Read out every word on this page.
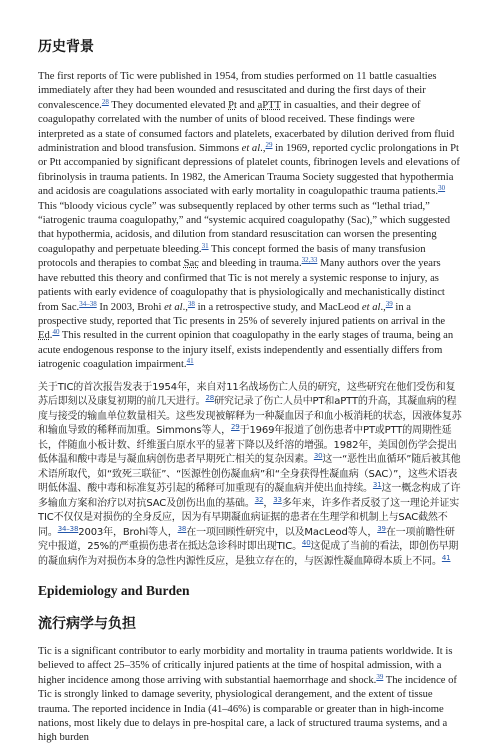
历史背景

The first reports of Tic were published in 1954, from studies performed on 11 battle casualties immediately after they had been wounded and resuscitated and during the first days of their convalescence.$^{28}$ They documented elevated Pt and aPTT in casualties, and their degree of coagulopathy correlated with the number of units of blood received. These findings were interpreted as a state of consumed factors and platelets, exacerbated by dilution derived from fluid administration and blood transfusion. Simmons et al.,$^{29}$ in 1969, reported cyclic prolongations in Pt or Ptt accompanied by significant depressions of platelet counts, fibrinogen levels and elevations of fibrinolysis in trauma patients. In 1982, the American Trauma Society suggested that hypothermia and acidosis are coagulations associated with early mortality in coagulopathic trauma patients.$^{30}$ This “bloody vicious cycle” was subsequently replaced by other terms such as “lethal triad,” “iatrogenic trauma coagulopathy,” and “systemic acquired coagulopathy (Sac),” which suggested that hypothermia, acidosis, and dilution from standard resuscitation can worsen the presenting coagulopathy and perpetuate bleeding.$^{31}$ This concept formed the basis of many transfusion protocols and therapies to combat Sac and bleeding in trauma.$^{32,33}$ Many authors over the years have rebutted this theory and confirmed that Tic is not merely a systemic response to injury, as patients with early evidence of coagulopathy that is physiologically and mechanistically distinct from Sac.$^{34-38}$ In 2003, Brohi et al.,$^{38}$ in a retrospective study, and MacLeod et al.,$^{39}$ in a prospective study, reported that Tic presents in 25% of severely injured patients on arrival in the Ed.$^{40}$ This resulted in the current opinion that coagulopathy in the early stages of trauma, being an acute endogenous response to the injury itself, exists independently and essentially differs from iatrogenic coagulation impairment.$^{41}$

关于TIC的首次报告发表于1954年，来自对11名战场伤亡人员的研究，这些研究在他们受伤和复苏后即刻以及康复初期的前几天进行。$^{28}$研究记录了伤亡人员中PT和aPTT的升高，其凝血病的程度与接受的输血单位数量相关。这些发现被解释为一种凝血因子和血小板消耗的状态，因液体复苏和输血导致的稀释而加重。Simmons等人，$^{29}$于1969年报道了创伤患者中PT或PTT的周期性延长，伴随血小板计数、纤维蛋白原水平的显著下降以及纤溶的增强。1982年，美国创伤学会提出低体温和酸中毒是与凝血病创伤患者早期死亡相关的复杂因素。$^{30}$这一“恶性出血循环”随后被其他术语所取代，如“致死三联征”、“医源性创伤凝血病”和“全身获得性凝血病（SAC）”，这些术语表明低体温、酸中毒和标准复苏引起的稀释可加重现有的凝血病并使出血持续。$^{31}$这一概念构成了许多输血方案和治疗以对抗SAC及创伤出血的基础。$^{32}$，$^{33}$多年来，许多作者反驳了这一理论并证实TIC不仅仅是对损伤的全身反应，因为有早期凝血病证据的患者在生理学和机制上与SAC截然不同。$^{34-38}$2003年，Brohi等人，$^{38}$在一项回顾性研究中，以及MacLeod等人，$^{39}$在一项前瞻性研究中报道，25%的严重损伤患者在抵达急诊科时即出现TIC。$^{40}$这促成了当前的看法，即创伤早期的凝血病作为对损伤本身的急性内源性反应，是独立存在的，与医源性凝血障碍本质上不同。$^{41}$

Epidemiology and Burden
流行病学与负担

Tic is a significant contributor to early morbidity and mortality in trauma patients worldwide. It is believed to affect 25–35% of critically injured patients at the time of hospital admission, with a higher incidence among those arriving with substantial haemorrhage and shock.$^{39}$ The incidence of Tic is strongly linked to damage severity, physiological derangement, and the extent of tissue trauma. The reported incidence in India (41–46%) is comparable or greater than in high-income nations, most likely due to delays in pre-hospital care, a lack of structured trauma systems, and a high burden
